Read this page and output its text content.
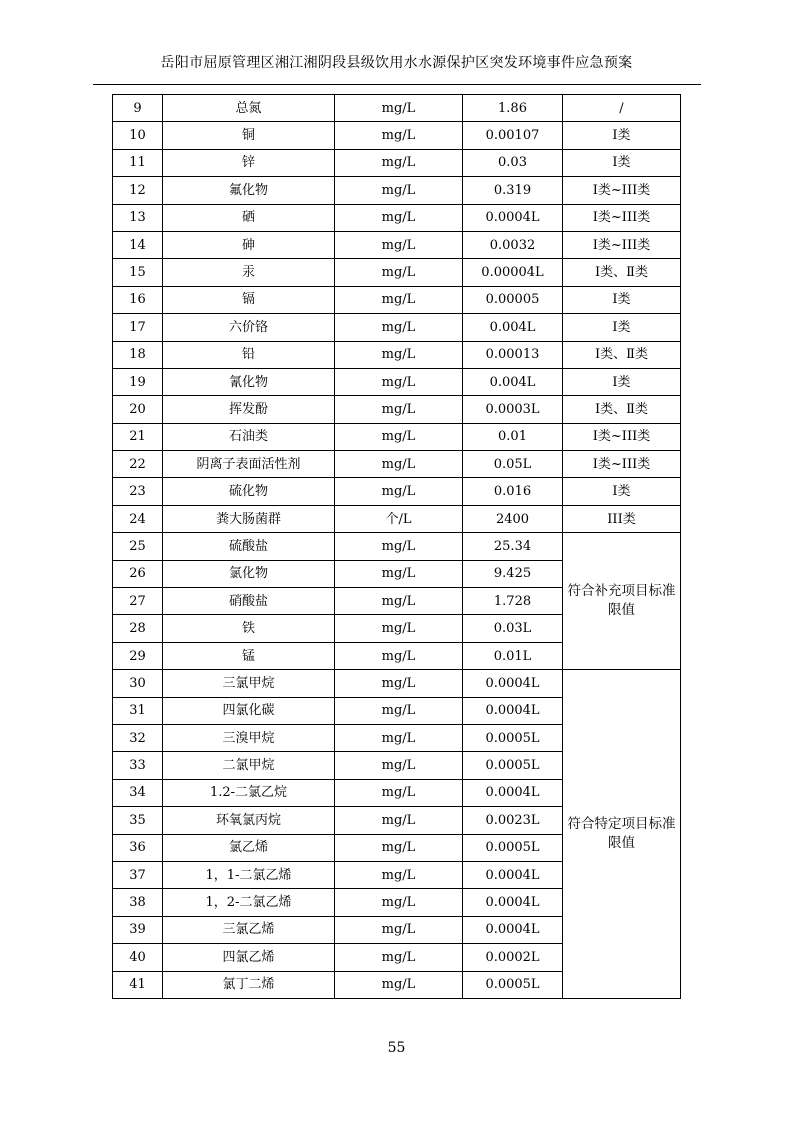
岳阳市屈原管理区湘江湘阴段县级饮用水水源保护区突发环境事件应急预案
9	总氮	mg/L	1.86	/
10	铜	mg/L	0.00107	Ⅰ类
11	锌	mg/L	0.03	Ⅰ类
12	氟化物	mg/L	0.319	Ⅰ类~III类
13	硒	mg/L	0.0004L	Ⅰ类~III类
14	砷	mg/L	0.0032	Ⅰ类~III类
15	汞	mg/L	0.00004L	Ⅰ类、Ⅱ类
16	镉	mg/L	0.00005	Ⅰ类
17	六价铬	mg/L	0.004L	Ⅰ类
18	铅	mg/L	0.00013	Ⅰ类、Ⅱ类
19	氰化物	mg/L	0.004L	Ⅰ类
20	挥发酚	mg/L	0.0003L	Ⅰ类、Ⅱ类
21	石油类	mg/L	0.01	Ⅰ类~III类
22	阴离子表面活性剂	mg/L	0.05L	Ⅰ类~III类
23	硫化物	mg/L	0.016	Ⅰ类
24	粪大肠菌群	个/L	2400	III类
25	硫酸盐	mg/L	25.34	符合补充项目标准限值
26	氯化物	mg/L	9.425	
27	硝酸盐	mg/L	1.728	
28	铁	mg/L	0.03L	
29	锰	mg/L	0.01L	
30	三氯甲烷	mg/L	0.0004L	符合特定项目标准限值
31	四氯化碳	mg/L	0.0004L	
32	三溴甲烷	mg/L	0.0005L	
33	二氯甲烷	mg/L	0.0005L	
34	1.2-二氯乙烷	mg/L	0.0004L	
35	环氧氯丙烷	mg/L	0.0023L	
36	氯乙烯	mg/L	0.0005L	
37	1，1-二氯乙烯	mg/L	0.0004L	
38	1，2-二氯乙烯	mg/L	0.0004L	
39	三氯乙烯	mg/L	0.0004L	
40	四氯乙烯	mg/L	0.0002L	
41	氯丁二烯	mg/L	0.0005L	
55
